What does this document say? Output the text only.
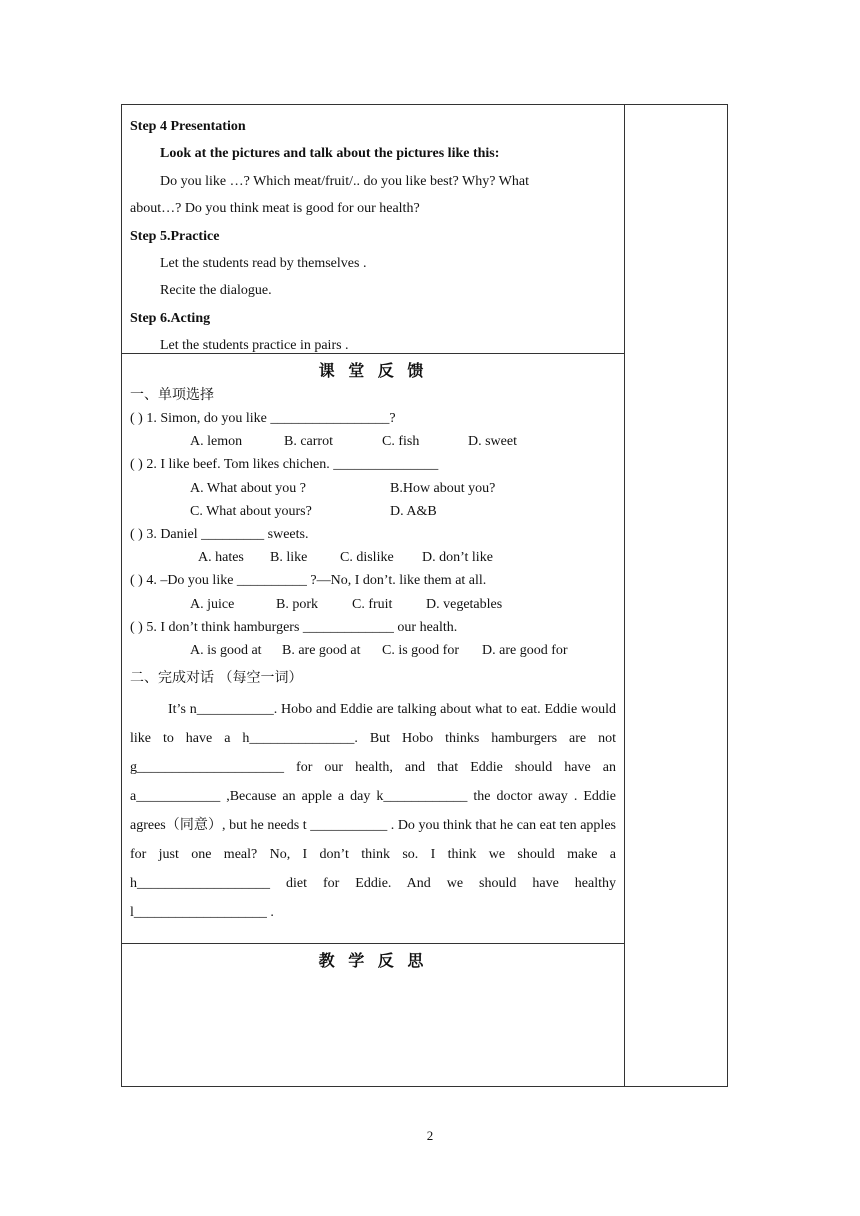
Step 4 Presentation
Look at the pictures and talk about the pictures like this:
Do you like …? Which meat/fruit/.. do you like best? Why? What
about…? Do you think meat is good for our health?
Step 5.Practice
Let the students read by themselves .
Recite the dialogue.
Step 6.Acting
Let the students practice in pairs .
课 堂 反 馈
一、单项选择
( ) 1. Simon, do you like _________________?
A. lemon	B. carrot	C. fish	D. sweet
( ) 2. I like beef. Tom likes chichen. _______________
A. What about you ?	B.How about you?
C. What about yours?	D. A&B
( ) 3. Daniel _________ sweets.
A. hates B. like C. dislike D. don’t like
( ) 4. –Do you like __________ ?—No, I don’t. like them at all.
A. juice	B. pork C. fruit D. vegetables
( ) 5. I don’t think hamburgers _____________ our health.
A. is good at B. are good at C. is good for D. are good for
二、完成对话 （每空一词）
It’s n___________. Hobo and Eddie are talking about what to eat. Eddie would like to have a h_______________. But Hobo thinks hamburgers are not g_____________________ for our health, and that Eddie should have an a____________ ,Because an apple a day k____________ the doctor away . Eddie agrees（同意）, but he needs t ___________ . Do you think that he can eat ten apples for just one meal? No, I don’t think so. I think we should make a h___________________ diet for Eddie. And we should have healthy l___________________ .
教 学 反 思
2
